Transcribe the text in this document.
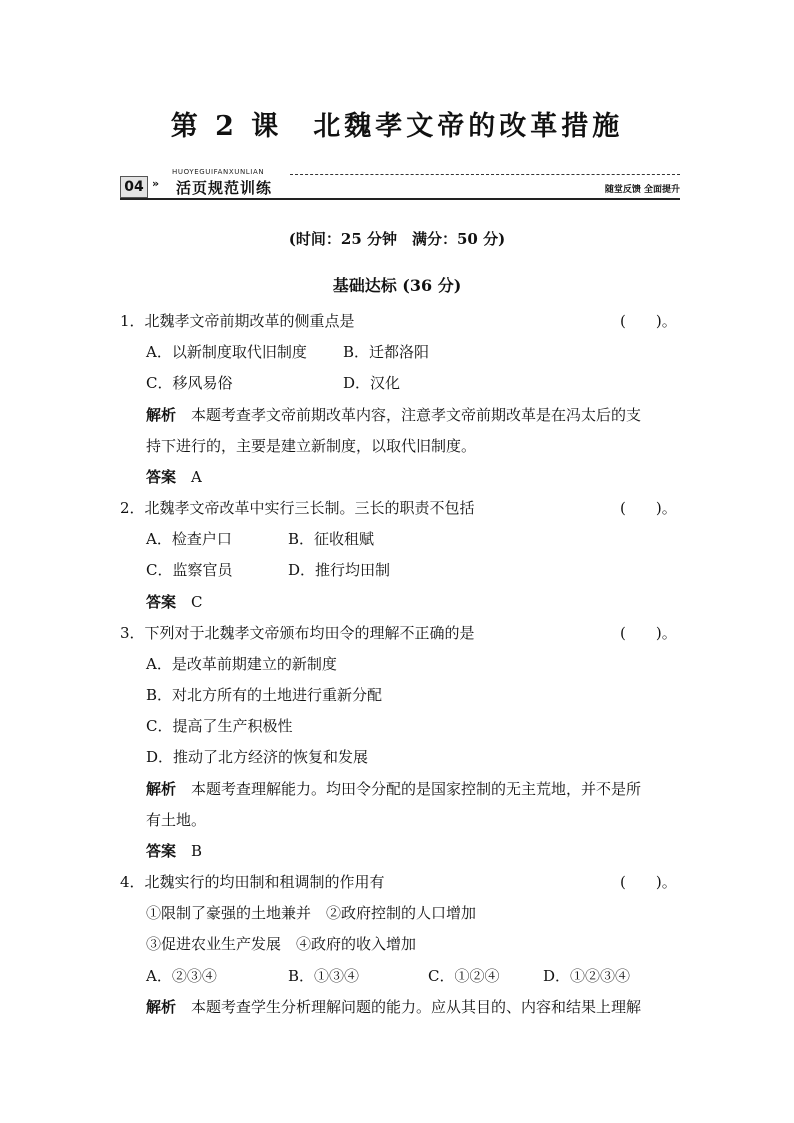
第 2 课　北魏孝文帝的改革措施
HUOYEGUIFANXUNLIAN
04 » 活页规范训练	随堂反馈 全面提升
(时间：25 分钟　满分：50 分)
基础达标 (36 分)
1．北魏孝文帝前期改革的侧重点是	(　　)。
A．以新制度取代旧制度 B．迁都洛阳
C．移风易俗	D．汉化
解析　 本题考查孝文帝前期改革内容，注意孝文帝前期改革是在冯太后的支
持下进行的，主要是建立新制度，以取代旧制度。
答案　 A
2．北魏孝文帝改革中实行三长制。三长的职责不包括	(　　)。
A．检查户口	B．征收租赋
C．监察官员	D．推行均田制
答案　 C
3．下列对于北魏孝文帝颁布均田令的理解不正确的是	(　　)。
A．是改革前期建立的新制度
B．对北方所有的土地进行重新分配
C．提高了生产积极性
D．推动了北方经济的恢复和发展
解析　 本题考查理解能力。均田令分配的是国家控制的无主荒地，并不是所
有土地。
答案　 B
4．北魏实行的均田制和租调制的作用有	(　　)。
①限制了豪强的土地兼并　②政府控制的人口增加
③促进农业生产发展　④政府的收入增加
A．②③④	B．①③④	C．①②④	D．①②③④
解析　 本题考查学生分析理解问题的能力。应从其目的、内容和结果上理解
